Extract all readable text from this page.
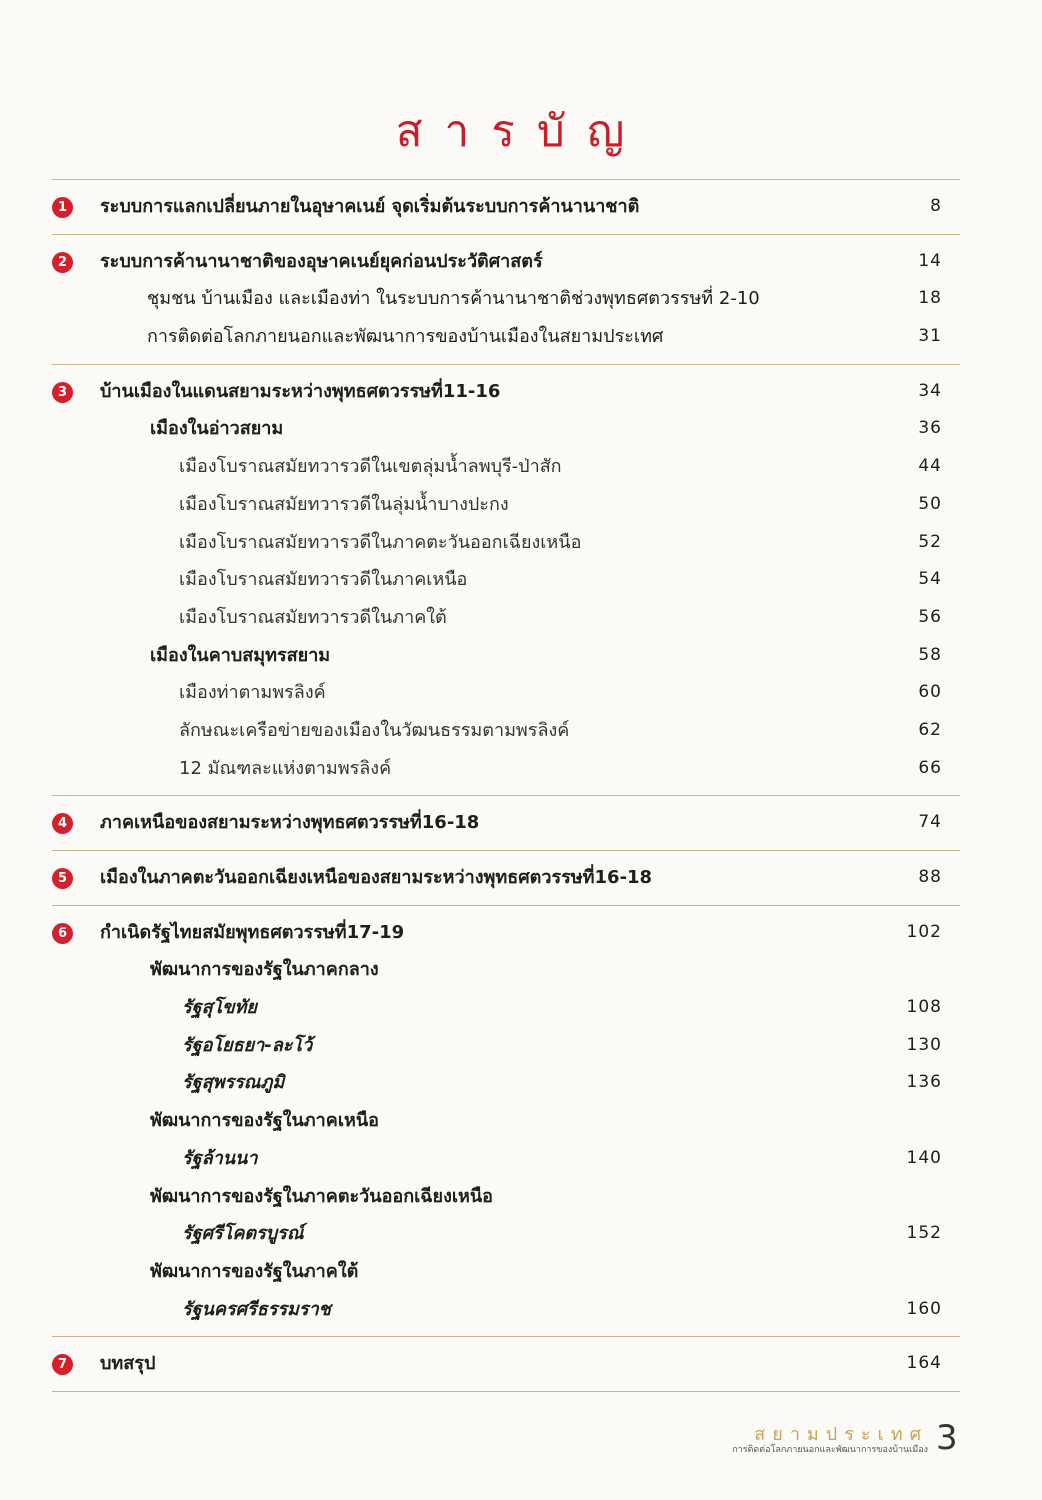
สารบัญ
1	ระบบการแลกเปลี่ยนภายในอุษาคเนย์ จุดเริ่มต้นระบบการค้านานาชาติ	8
2	ระบบการค้านานาชาติของอุษาคเนย์ยุคก่อนประวัติศาสตร์	14
ชุมชน บ้านเมือง และเมืองท่า ในระบบการค้านานาชาติช่วงพุทธศตวรรษที่ 2-10	18
การติดต่อโลกภายนอกและพัฒนาการของบ้านเมืองในสยามประเทศ	31
3	บ้านเมืองในแดนสยามระหว่างพุทธศตวรรษที่11-16	34
เมืองในอ่าวสยาม	36
เมืองโบราณสมัยทวารวดีในเขตลุ่มน้ำลพบุรี-ป่าสัก	44
เมืองโบราณสมัยทวารวดีในลุ่มน้ำบางปะกง	50
เมืองโบราณสมัยทวารวดีในภาคตะวันออกเฉียงเหนือ	52
เมืองโบราณสมัยทวารวดีในภาคเหนือ	54
เมืองโบราณสมัยทวารวดีในภาคใต้	56
เมืองในคาบสมุทรสยาม	58
เมืองท่าตามพรลิงค์	60
ลักษณะเครือข่ายของเมืองในวัฒนธรรมตามพรลิงค์	62
12 มัณฑละแห่งตามพรลิงค์	66
4	ภาคเหนือของสยามระหว่างพุทธศตวรรษที่16-18	74
5	เมืองในภาคตะวันออกเฉียงเหนือของสยามระหว่างพุทธศตวรรษที่16-18	88
6	กำเนิดรัฐไทยสมัยพุทธศตวรรษที่17-19	102
พัฒนาการของรัฐในภาคกลาง
รัฐสุโขทัย	108
รัฐอโยธยา-ละโว้	130
รัฐสุพรรณภูมิ	136
พัฒนาการของรัฐในภาคเหนือ
รัฐล้านนา	140
พัฒนาการของรัฐในภาคตะวันออกเฉียงเหนือ
รัฐศรีโคตรบูรณ์	152
พัฒนาการของรัฐในภาคใต้
รัฐนครศรีธรรมราช	160
7	บทสรุป	164
สยามประเทศ
การติดต่อโลกภายนอกและพัฒนาการของบ้านเมือง 3
